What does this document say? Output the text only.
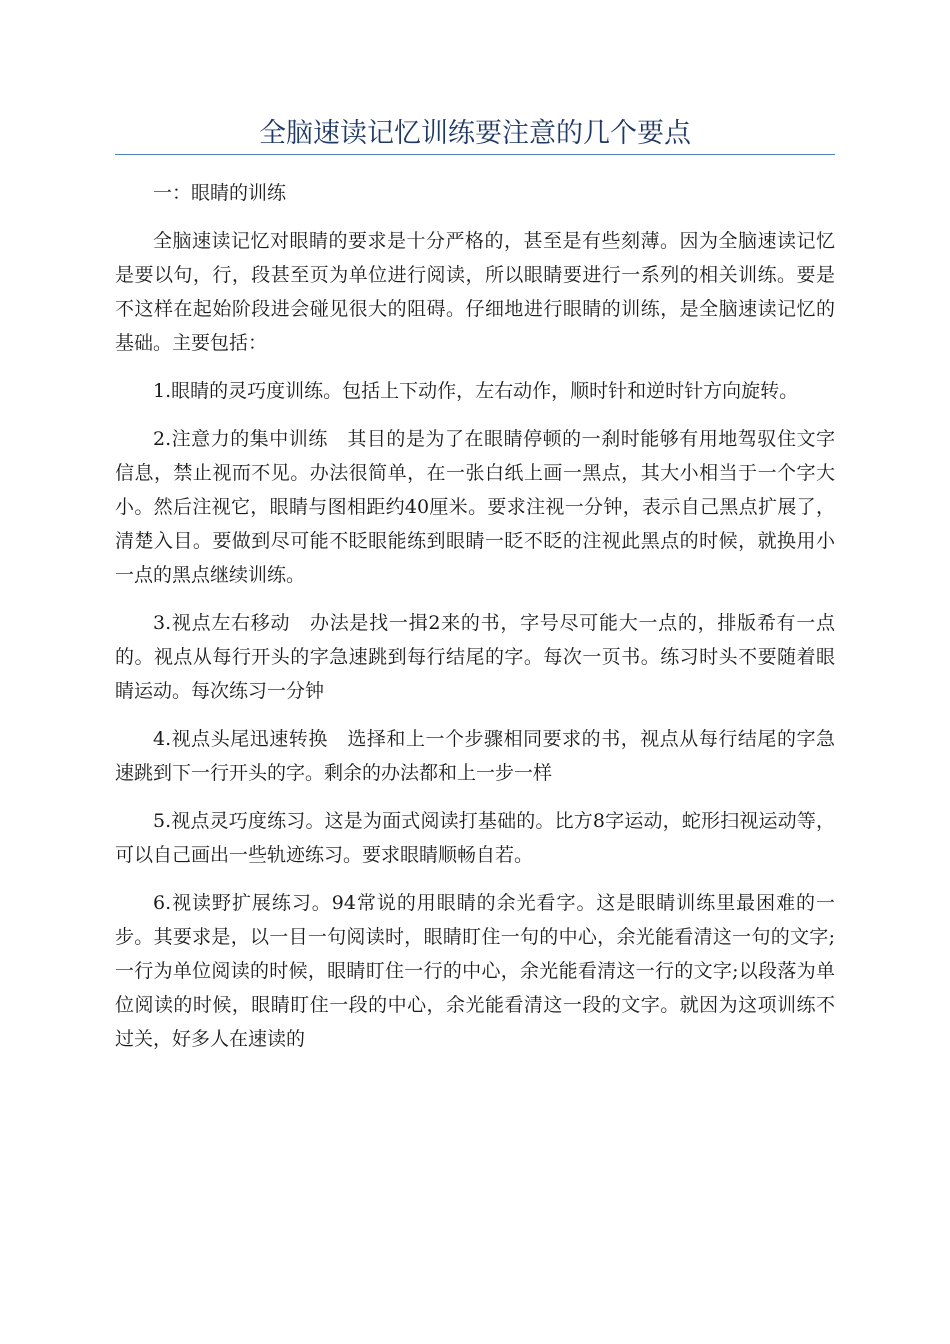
全脑速读记忆训练要注意的几个要点

一：眼睛的训练

全脑速读记忆对眼睛的要求是十分严格的，甚至是有些刻薄。因为全脑速读记忆是要以句，行，段甚至页为单位进行阅读，所以眼睛要进行一系列的相关训练。要是不这样在起始阶段进会碰见很大的阻碍。仔细地进行眼睛的训练，是全脑速读记忆的基础。主要包括：

1.眼睛的灵巧度训练。包括上下动作，左右动作，顺时针和逆时针方向旋转。

2.注意力的集中训练　其目的是为了在眼睛停顿的一刹时能够有用地驾驭住文字信息，禁止视而不见。办法很简单，在一张白纸上画一黑点，其大小相当于一个字大小。然后注视它，眼睛与图相距约40厘米。要求注视一分钟，表示自己黑点扩展了，清楚入目。要做到尽可能不眨眼能练到眼睛一眨不眨的注视此黑点的时候，就换用小一点的黑点继续训练。

3.视点左右移动　办法是找一揖2来的书，字号尽可能大一点的，排版希有一点的。视点从每行开头的字急速跳到每行结尾的字。每次一页书。练习时头不要随着眼睛运动。每次练习一分钟

4.视点头尾迅速转换　选择和上一个步骤相同要求的书，视点从每行结尾的字急速跳到下一行开头的字。剩余的办法都和上一步一样

5.视点灵巧度练习。这是为面式阅读打基础的。比方8字运动，蛇形扫视运动等，可以自己画出一些轨迹练习。要求眼睛顺畅自若。

6.视读野扩展练习。94常说的用眼睛的余光看字。这是眼睛训练里最困难的一步。其要求是，以一目一句阅读时，眼睛盯住一句的中心，余光能看清这一句的文字;一行为单位阅读的时候，眼睛盯住一行的中心，余光能看清这一行的文字;以段落为单位阅读的时候，眼睛盯住一段的中心，余光能看清这一段的文字。就因为这项训练不过关，好多人在速读的
